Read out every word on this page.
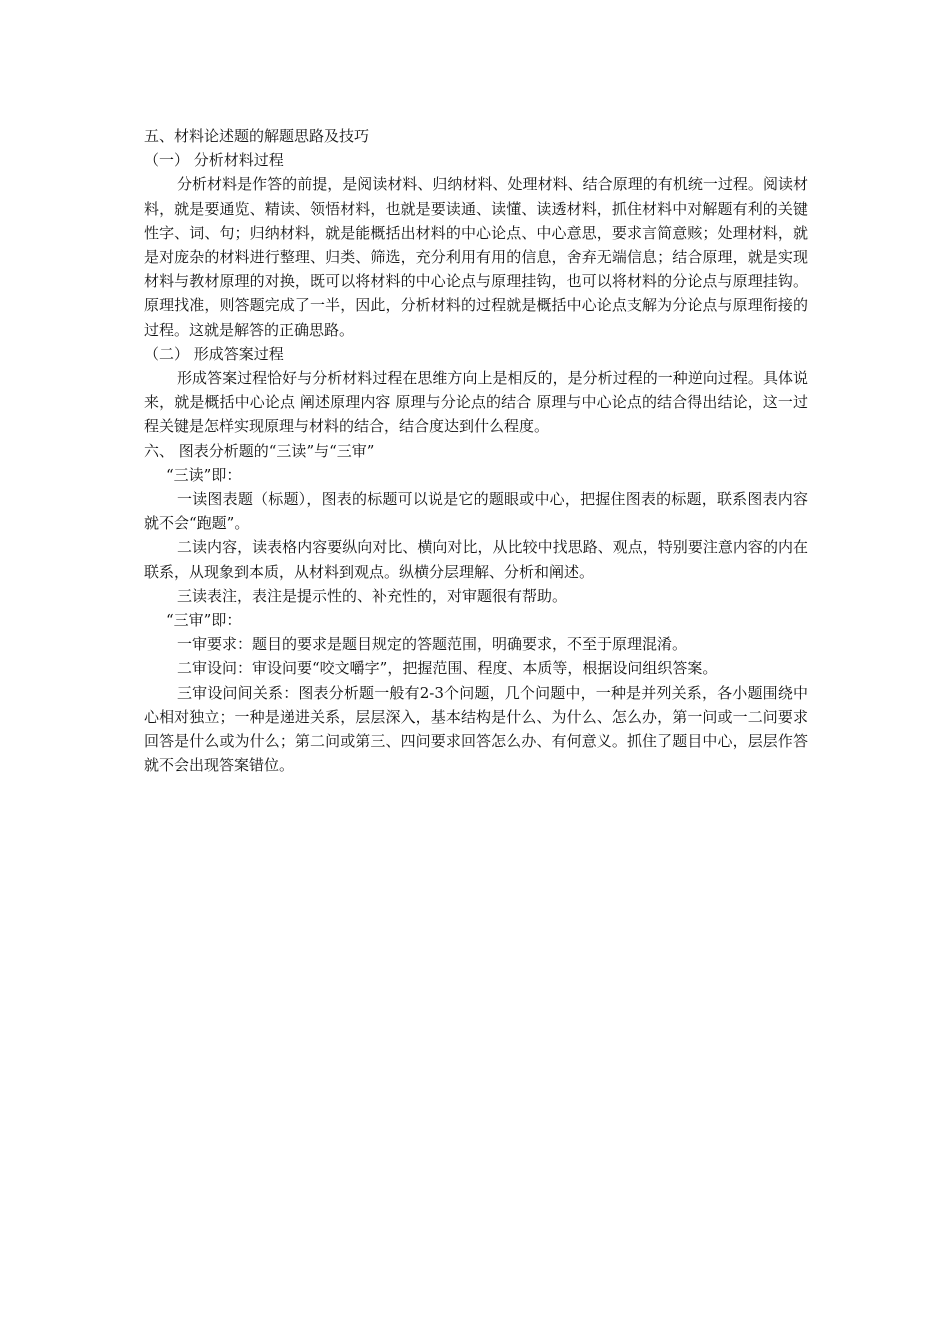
五、材料论述题的解题思路及技巧
（一） 分析材料过程
分析材料是作答的前提，是阅读材料、归纳材料、处理材料、结合原理的有机统一过程。阅读材料，就是要通览、精读、领悟材料，也就是要读通、读懂、读透材料，抓住材料中对解题有利的关键性字、词、句；归纳材料，就是能概括出材料的中心论点、中心意思，要求言简意赅；处理材料，就是对庞杂的材料进行整理、归类、筛选，充分利用有用的信息，舍弃无端信息；结合原理，就是实现材料与教材原理的对换，既可以将材料的中心论点与原理挂钩，也可以将材料的分论点与原理挂钩。原理找准，则答题完成了一半，因此，分析材料的过程就是概括中心论点支解为分论点与原理衔接的过程。这就是解答的正确思路。
（二） 形成答案过程
形成答案过程恰好与分析材料过程在思维方向上是相反的，是分析过程的一种逆向过程。具体说来，就是概括中心论点 阐述原理内容 原理与分论点的结合 原理与中心论点的结合得出结论，这一过程关键是怎样实现原理与材料的结合，结合度达到什么程度。
六、 图表分析题的“三读”与“三审”
“三读”即：
一读图表题（标题），图表的标题可以说是它的题眼或中心，把握住图表的标题，联系图表内容就不会“跑题”。
二读内容，读表格内容要纵向对比、横向对比，从比较中找思路、观点，特别要注意内容的内在联系，从现象到本质，从材料到观点。纵横分层理解、分析和阐述。
三读表注，表注是提示性的、补充性的，对审题很有帮助。
“三审”即：
一审要求：题目的要求是题目规定的答题范围，明确要求，不至于原理混淆。
二审设问：审设问要“咬文嚼字”，把握范围、程度、本质等，根据设问组织答案。
三审设问间关系：图表分析题一般有2-3个问题，几个问题中，一种是并列关系，各小题围绕中心相对独立；一种是递进关系，层层深入，基本结构是什么、为什么、怎么办，第一问或一二问要求回答是什么或为什么；第二问或第三、四问要求回答怎么办、有何意义。抓住了题目中心，层层作答就不会出现答案错位。
